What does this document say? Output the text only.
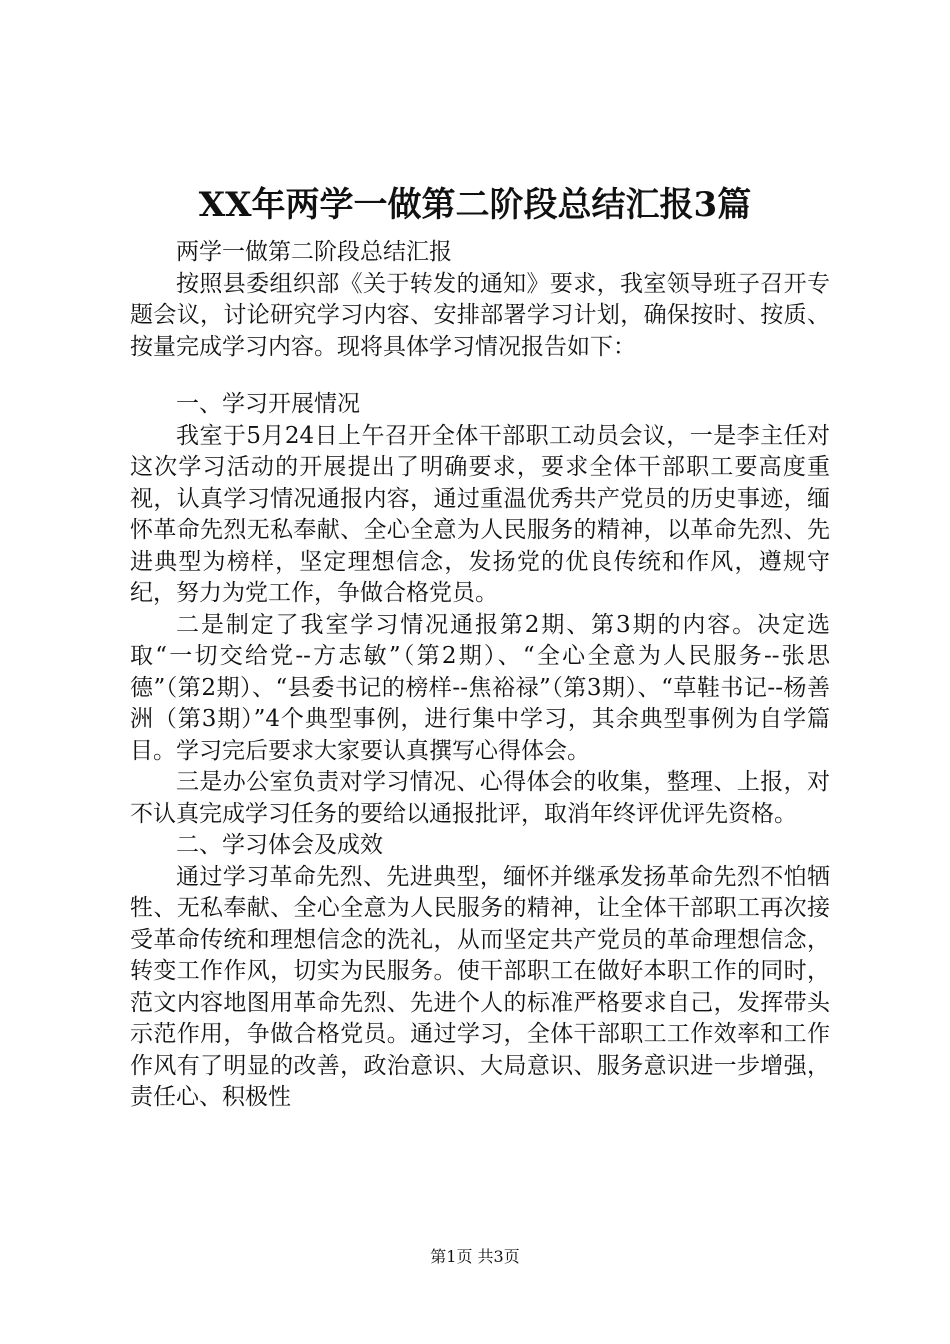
XX年两学一做第二阶段总结汇报3篇

两学一做第二阶段总结汇报

按照县委组织部《关于转发的通知》要求，我室领导班子召开专题会议，讨论研究学习内容、安排部署学习计划，确保按时、按质、按量完成学习内容。现将具体学习情况报告如下：

一、学习开展情况

我室于5月24日上午召开全体干部职工动员会议，一是李主任对这次学习活动的开展提出了明确要求，要求全体干部职工要高度重视，认真学习情况通报内容，通过重温优秀共产党员的历史事迹，缅怀革命先烈无私奉献、全心全意为人民服务的精神，以革命先烈、先进典型为榜样，坚定理想信念，发扬党的优良传统和作风，遵规守纪，努力为党工作，争做合格党员。

二是制定了我室学习情况通报第2期、第3期的内容。决定选取“一切交给党--方志敏”（第2期）、“全心全意为人民服务--张思德”（第2期）、“县委书记的榜样--焦裕禄”（第3期）、“草鞋书记--杨善洲（第3期）”4个典型事例，进行集中学习，其余典型事例为自学篇目。学习完后要求大家要认真撰写心得体会。

三是办公室负责对学习情况、心得体会的收集，整理、上报，对不认真完成学习任务的要给以通报批评，取消年终评优评先资格。

二、学习体会及成效

通过学习革命先烈、先进典型，缅怀并继承发扬革命先烈不怕牺牲、无私奉献、全心全意为人民服务的精神，让全体干部职工再次接受革命传统和理想信念的洗礼，从而坚定共产党员的革命理想信念，转变工作作风，切实为民服务。使干部职工在做好本职工作的同时，范文内容地图用革命先烈、先进个人的标准严格要求自己，发挥带头示范作用，争做合格党员。通过学习，全体干部职工工作效率和工作作风有了明显的改善，政治意识、大局意识、服务意识进一步增强，责任心、积极性

第1页 共3页
